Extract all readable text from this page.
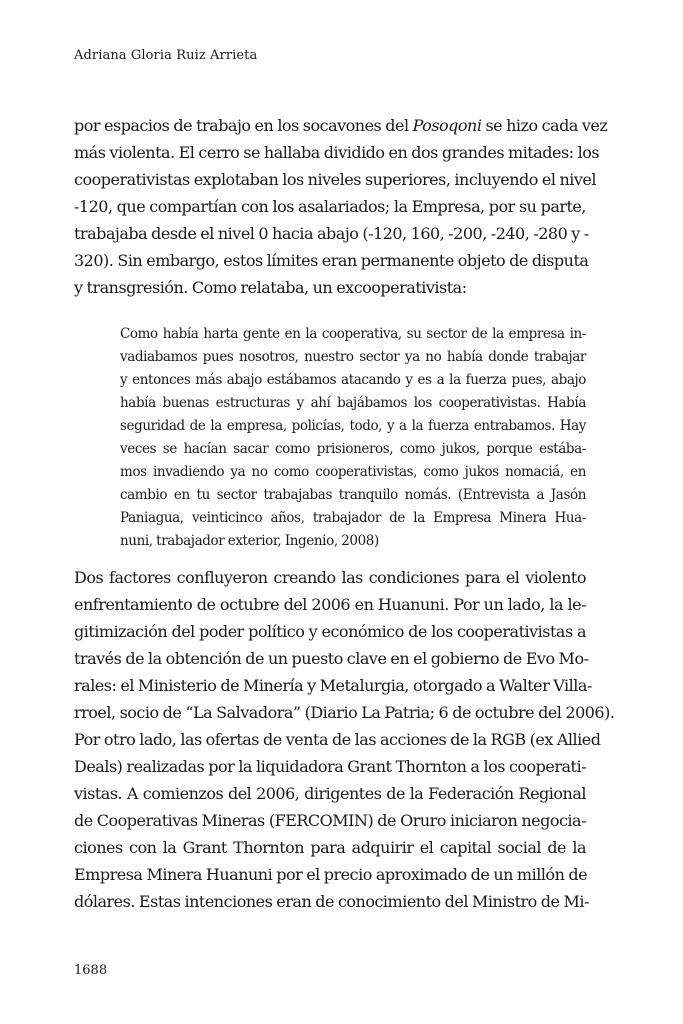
Adriana Gloria Ruiz Arrieta

por espacios de trabajo en los socavones del Posoqoni se hizo cada vez
más violenta. El cerro se hallaba dividido en dos grandes mitades: los
cooperativistas explotaban los niveles superiores, incluyendo el nivel
-120, que compartían con los asalariados; la Empresa, por su parte,
trabajaba desde el nivel 0 hacia abajo (-120, 160, -200, -240, -280 y -
320). Sin embargo, estos límites eran permanente objeto de disputa
y transgresión. Como relataba, un excooperativista:

Como había harta gente en la cooperativa, su sector de la empresa in-
vadiabamos pues nosotros, nuestro sector ya no había donde trabajar
y entonces más abajo estábamos atacando y es a la fuerza pues, abajo
había buenas estructuras y ahí bajábamos los cooperativistas. Había
seguridad de la empresa, policías, todo, y a la fuerza entrabamos. Hay
veces se hacían sacar como prisioneros, como jukos, porque estába-
mos invadiendo ya no como cooperativistas, como jukos nomaciá, en
cambio en tu sector trabajabas tranquilo nomás. (Entrevista a Jasón
Paniagua, veinticinco años, trabajador de la Empresa Minera Hua-
nuni, trabajador exterior, Ingenio, 2008)

Dos factores confluyeron creando las condiciones para el violento
enfrentamiento de octubre del 2006 en Huanuni. Por un lado, la le-
gitimización del poder político y económico de los cooperativistas a
través de la obtención de un puesto clave en el gobierno de Evo Mo-
rales: el Ministerio de Minería y Metalurgia, otorgado a Walter Villa-
rroel, socio de “La Salvadora” (Diario La Patria; 6 de octubre del 2006).
Por otro lado, las ofertas de venta de las acciones de la RGB (ex Allied
Deals) realizadas por la liquidadora Grant Thornton a los cooperati-
vistas. A comienzos del 2006, dirigentes de la Federación Regional
de Cooperativas Mineras (FERCOMIN) de Oruro iniciaron negocia-
ciones con la Grant Thornton para adquirir el capital social de la
Empresa Minera Huanuni por el precio aproximado de un millón de
dólares. Estas intenciones eran de conocimiento del Ministro de Mi-

1688
